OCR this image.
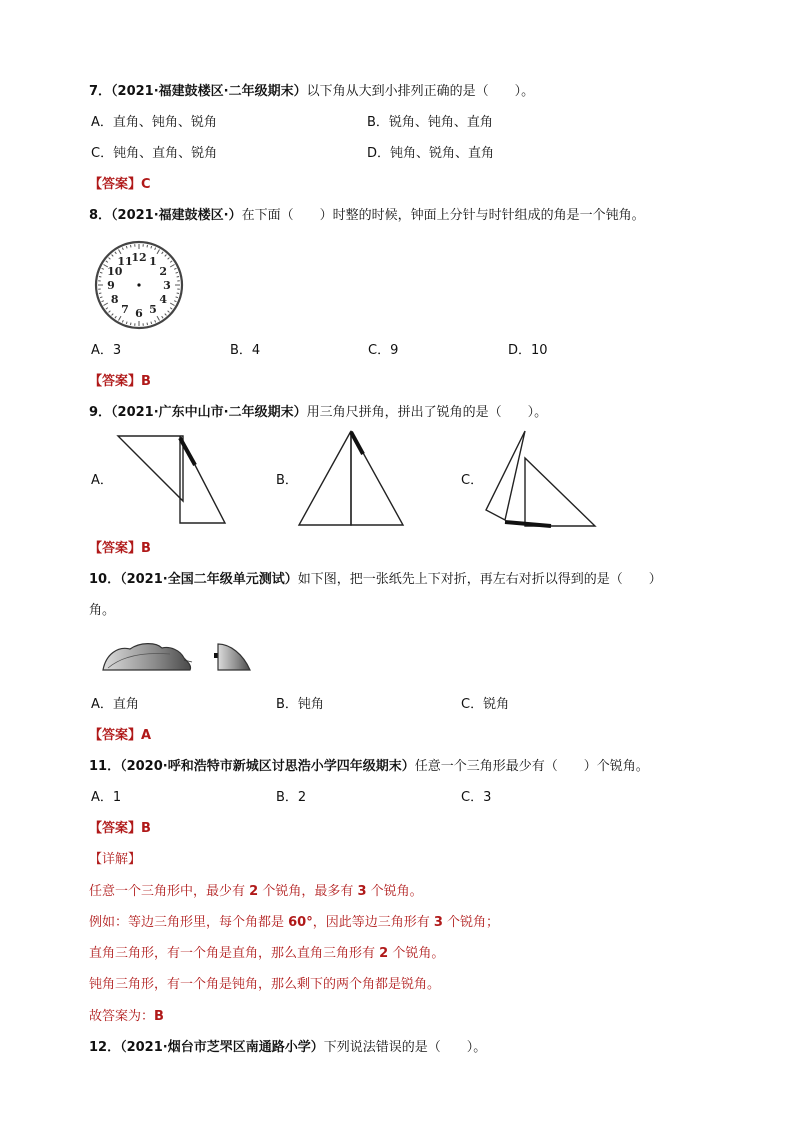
7．（2021·福建鼓楼区·二年级期末）以下角从大到小排列正确的是（　　）。
A．直角、钝角、锐角	B．锐角、钝角、直角
C．钝角、直角、锐角	D．钝角、锐角、直角
【答案】C
8．（2021·福建鼓楼区·）在下面（　　）时整的时候，钟面上分针与时针组成的角是一个钝角。
12 1
2
3
4
5
6
7
8
9
10
11
A．3	B．4	C．9	D．10
【答案】B
9．（2021·广东中山市·二年级期末）用三角尺拼角，拼出了锐角的是（　　）。
A．	B．	C．
【答案】B
10．（2021·全国二年级单元测试）如下图，把一张纸先上下对折，再左右对折以得到的是（　　）
角。
A．直角	B．钝角	C．锐角
【答案】A
11．（2020·呼和浩特市新城区讨思浩小学四年级期末）任意一个三角形最少有（　　）个锐角。
A．1	B．2	C．3
【答案】B
【详解】
任意一个三角形中，最少有 2 个锐角，最多有 3 个锐角。
例如：等边三角形里，每个角都是 60°，因此等边三角形有 3 个锐角；
直角三角形，有一个角是直角，那么直角三角形有 2 个锐角。
钝角三角形，有一个角是钝角，那么剩下的两个角都是锐角。
故答案为：B
12．（2021·烟台市芝罘区南通路小学）下列说法错误的是（　　）。
